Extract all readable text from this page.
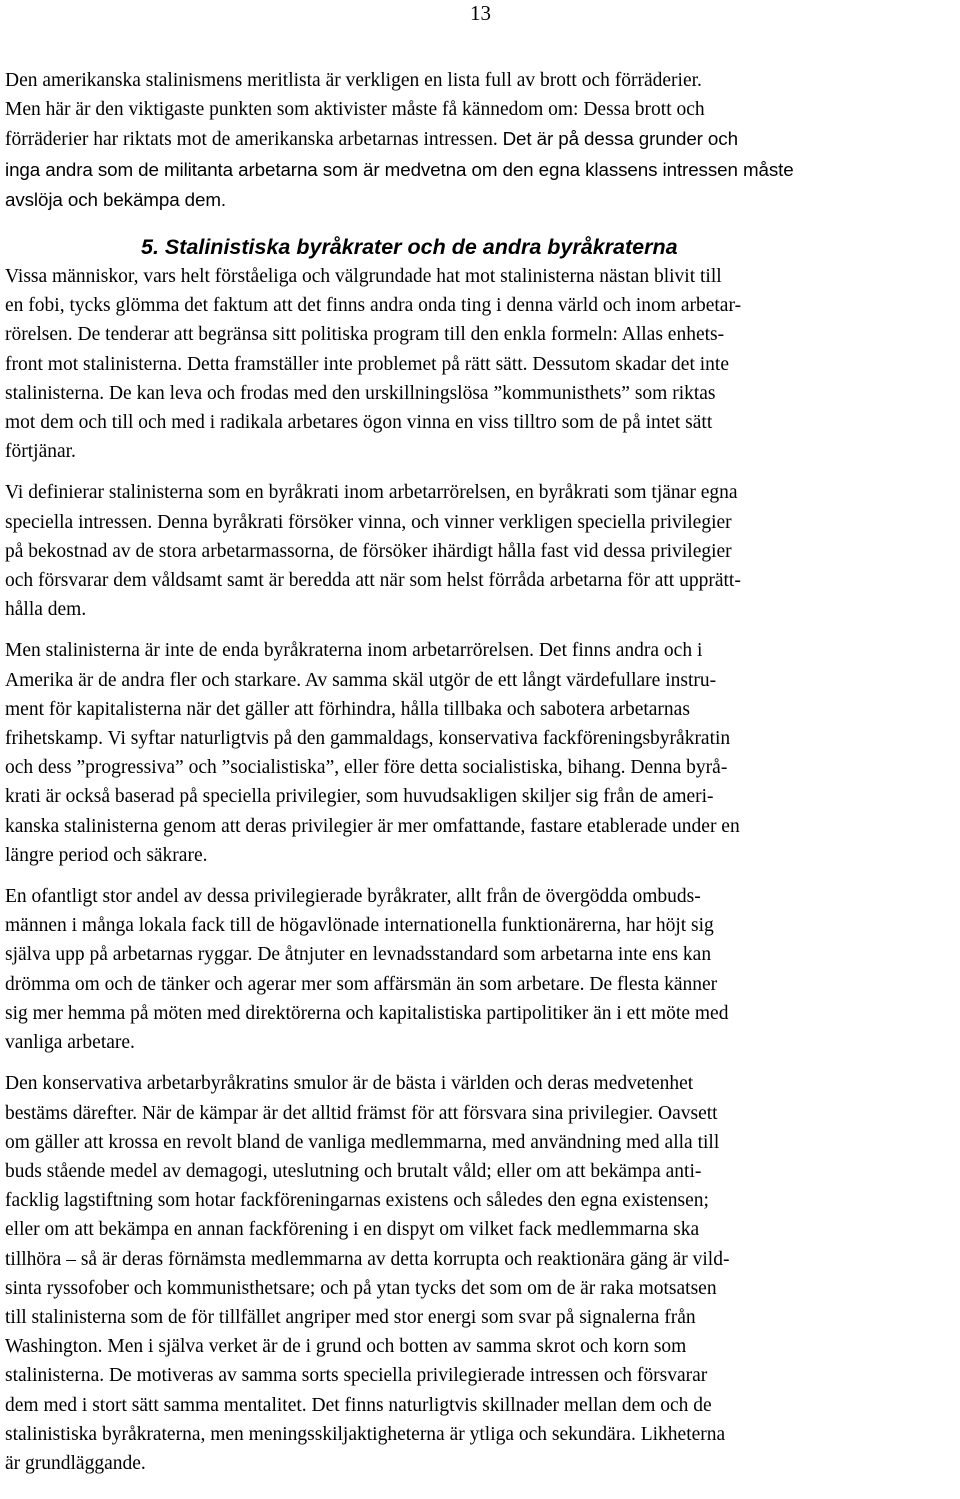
13

Den amerikanska stalinismens meritlista är verkligen en lista full av brott och förräderier.
Men här är den viktigaste punkten som aktivister måste få kännedom om: Dessa brott och
förräderier har riktats mot de amerikanska arbetarnas intressen. Det är på dessa grunder och
inga andra som de militanta arbetarna som är medvetna om den egna klassens intressen måste
avslöja och bekämpa dem.

5. Stalinistiska byråkrater och de andra byråkraterna

Vissa människor, vars helt förståeliga och välgrundade hat mot stalinisterna nästan blivit till
en fobi, tycks glömma det faktum att det finns andra onda ting i denna värld och inom arbetar-
rörelsen. De tenderar att begränsa sitt politiska program till den enkla formeln: Allas enhets-
front mot stalinisterna. Detta framställer inte problemet på rätt sätt. Dessutom skadar det inte
stalinisterna. De kan leva och frodas med den urskillningslösa ”kommunisthets” som riktas
mot dem och till och med i radikala arbetares ögon vinna en viss tilltro som de på intet sätt
förtjänar.

Vi definierar stalinisterna som en byråkrati inom arbetarrörelsen, en byråkrati som tjänar egna
speciella intressen. Denna byråkrati försöker vinna, och vinner verkligen speciella privilegier
på bekostnad av de stora arbetarmassorna, de försöker ihärdigt hålla fast vid dessa privilegier
och försvarar dem våldsamt samt är beredda att när som helst förråda arbetarna för att upprätt-
hålla dem.

Men stalinisterna är inte de enda byråkraterna inom arbetarrörelsen. Det finns andra och i
Amerika är de andra fler och starkare. Av samma skäl utgör de ett långt värdefullare instru-
ment för kapitalisterna när det gäller att förhindra, hålla tillbaka och sabotera arbetarnas
frihetskamp. Vi syftar naturligtvis på den gammaldags, konservativa fackföreningsbyråkratin
och dess ”progressiva” och ”socialistiska”, eller före detta socialistiska, bihang. Denna byrå-
krati är också baserad på speciella privilegier, som huvudsakligen skiljer sig från de ameri-
kanska stalinisterna genom att deras privilegier är mer omfattande, fastare etablerade under en
längre period och säkrare.

En ofantligt stor andel av dessa privilegierade byråkrater, allt från de övergödda ombuds-
männen i många lokala fack till de högavlönade internationella funktionärerna, har höjt sig
själva upp på arbetarnas ryggar. De åtnjuter en levnadsstandard som arbetarna inte ens kan
drömma om och de tänker och agerar mer som affärsmän än som arbetare. De flesta känner
sig mer hemma på möten med direktörerna och kapitalistiska partipolitiker än i ett möte med
vanliga arbetare.

Den konservativa arbetarbyråkratins smulor är de bästa i världen och deras medvetenhet
bestäms därefter. När de kämpar är det alltid främst för att försvara sina privilegier. Oavsett
om gäller att krossa en revolt bland de vanliga medlemmarna, med användning med alla till
buds stående medel av demagogi, uteslutning och brutalt våld; eller om att bekämpa anti-
facklig lagstiftning som hotar fackföreningarnas existens och således den egna existensen;
eller om att bekämpa en annan fackförening i en dispyt om vilket fack medlemmarna ska
tillhöra – så är deras förnämsta medlemmarna av detta korrupta och reaktionära gäng är vild-
sinta ryssofober och kommunisthetsare; och på ytan tycks det som om de är raka motsatsen
till stalinisterna som de för tillfället angriper med stor energi som svar på signalerna från
Washington. Men i själva verket är de i grund och botten av samma skrot och korn som
stalinisterna. De motiveras av samma sorts speciella privilegierade intressen och försvarar
dem med i stort sätt samma mentalitet. Det finns naturligtvis skillnader mellan dem och de
stalinistiska byråkraterna, men meningsskiljaktigheterna är ytliga och sekundära. Likheterna
är grundläggande.
